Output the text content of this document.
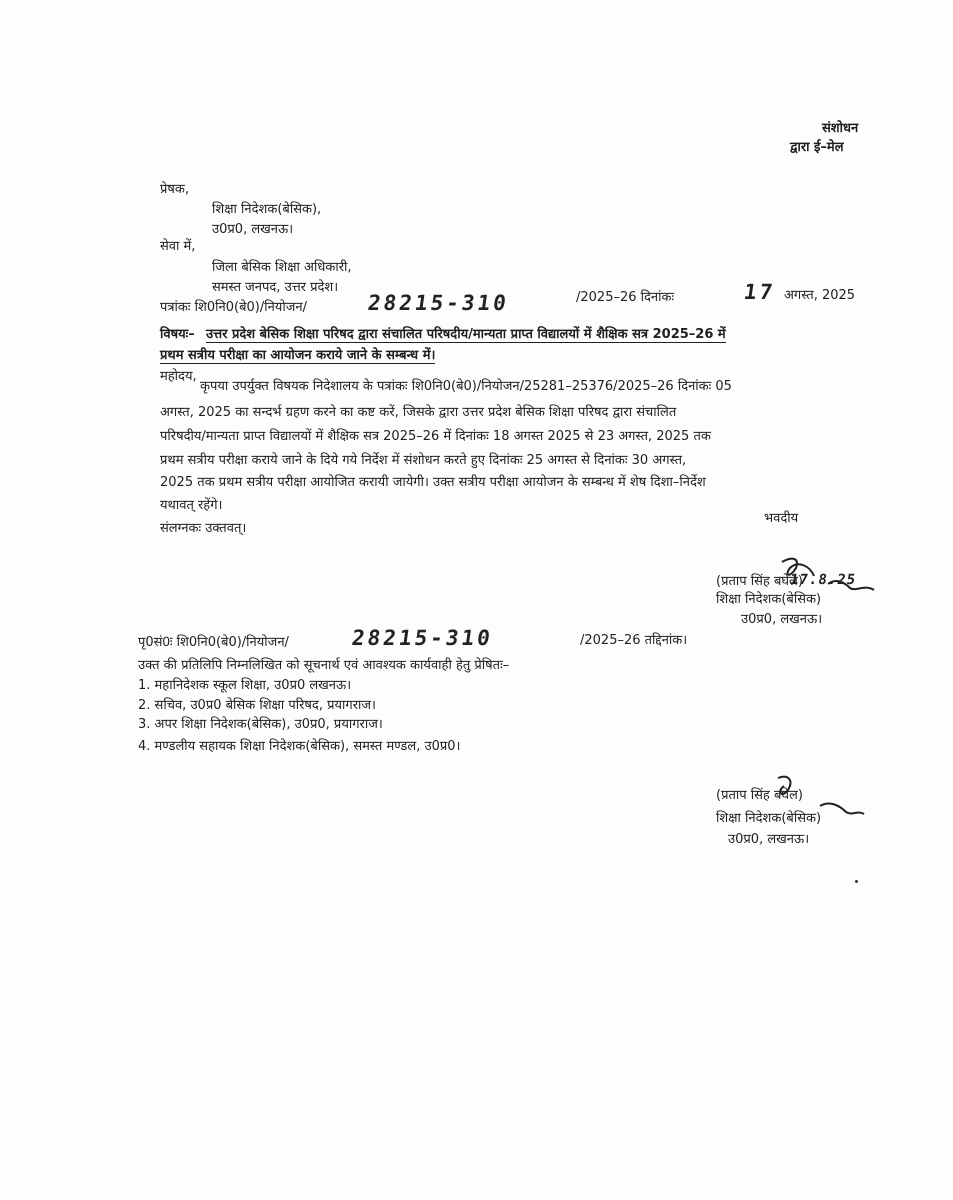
संशोधन
द्वारा ई–मेल
प्रेषक,
शिक्षा निदेशक(बेसिक),
उ0प्र0, लखनऊ।
सेवा में,
जिला बेसिक शिक्षा अधिकारी,
समस्त जनपद, उत्तर प्रदेश।
पत्रांकः शि0नि0(बे0)/नियोजन/	28215-310	/2025–26 दिनांकः	17 अगस्त, 2025
विषयः– उत्तर प्रदेश बेसिक शिक्षा परिषद द्वारा संचालित परिषदीय/मान्यता प्राप्त विद्यालयों में शैक्षिक सत्र 2025–26 में
प्रथम सत्रीय परीक्षा का आयोजन कराये जाने के सम्बन्ध में।
महोदय,
कृपया उपर्युक्त विषयक निदेशालय के पत्रांकः शि0नि0(बे0)/नियोजन/25281–25376/2025–26 दिनांकः 05
अगस्त, 2025 का सन्दर्भ ग्रहण करने का कष्ट करें, जिसके द्वारा उत्तर प्रदेश बेसिक शिक्षा परिषद द्वारा संचालित
परिषदीय/मान्यता प्राप्त विद्यालयों में शैक्षिक सत्र 2025–26 में दिनांकः 18 अगस्त 2025 से 23 अगस्त, 2025 तक
प्रथम सत्रीय परीक्षा कराये जाने के दिये गये निर्देश में संशोधन करते हुए दिनांकः 25 अगस्त से दिनांकः 30 अगस्त,
2025 तक प्रथम सत्रीय परीक्षा आयोजित करायी जायेगी। उक्त सत्रीय परीक्षा आयोजन के सम्बन्ध में शेष दिशा–निर्देश
यथावत् रहेंगे।
संलग्नकः उक्तवत्।
भवदीय
(प्रताप सिंह बघेल)
शिक्षा निदेशक(बेसिक)
उ0प्र0, लखनऊ।
17.8.25
पृ0सं0ः शि0नि0(बे0)/नियोजन/	28215-310	/2025–26 तद्दिनांक।
उक्त की प्रतिलिपि निम्नलिखित को सूचनार्थ एवं आवश्यक कार्यवाही हेतु प्रेषितः–
1. महानिदेशक स्कूल शिक्षा, उ0प्र0 लखनऊ।
2. सचिव, उ0प्र0 बेसिक शिक्षा परिषद, प्रयागराज।
3. अपर शिक्षा निदेशक(बेसिक), उ0प्र0, प्रयागराज।
4. मण्डलीय सहायक शिक्षा निदेशक(बेसिक), समस्त मण्डल, उ0प्र0।
(प्रताप सिंह बघेल)
शिक्षा निदेशक(बेसिक)
उ0प्र0, लखनऊ।
